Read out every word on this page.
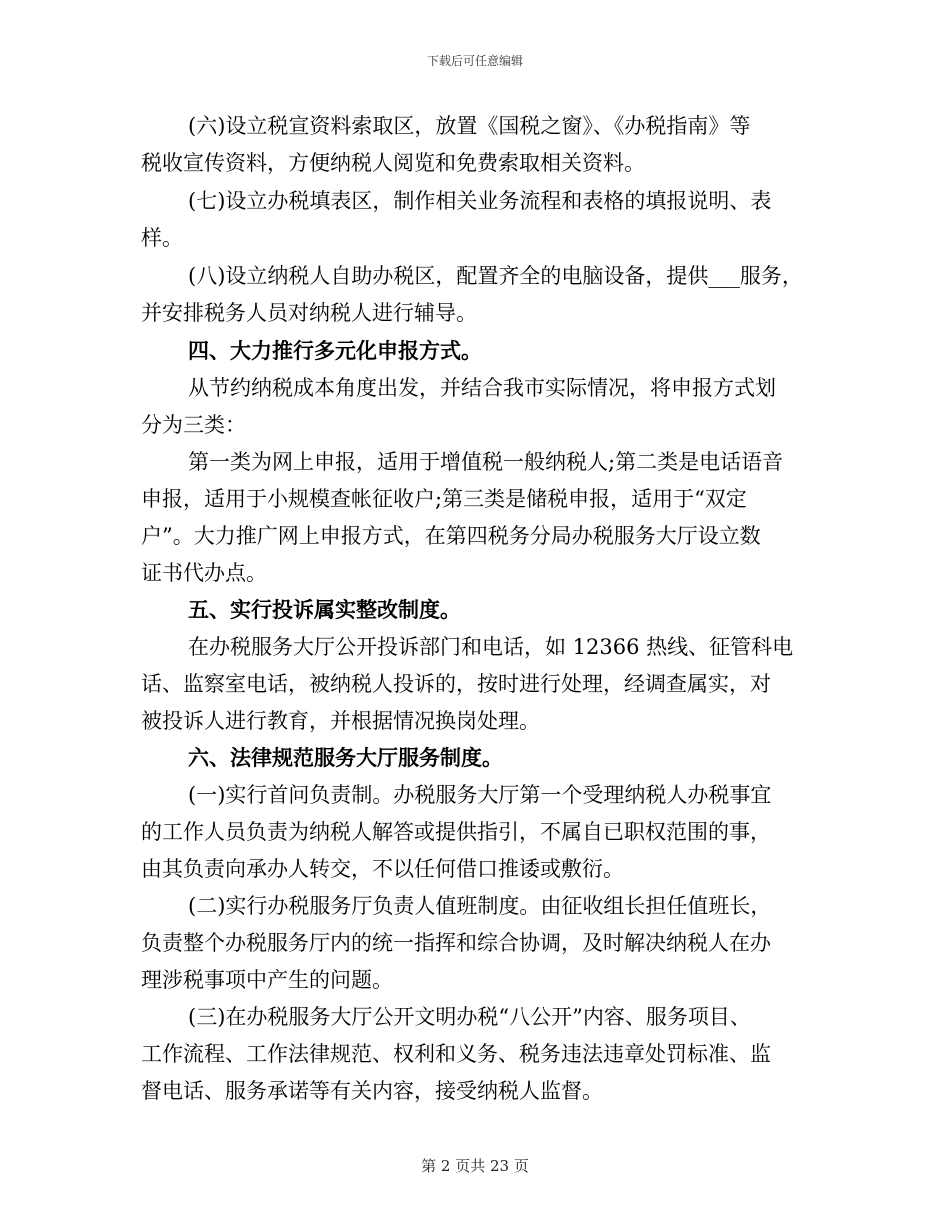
下载后可任意编辑
(六)设立税宣资料索取区，放置《国税之窗》、《办税指南》等
税收宣传资料，方便纳税人阅览和免费索取相关资料。
(七)设立办税填表区，制作相关业务流程和表格的填报说明、表
样。
(八)设立纳税人自助办税区，配置齐全的电脑设备，提供___服务，
并安排税务人员对纳税人进行辅导。
四、大力推行多元化申报方式。
从节约纳税成本角度出发，并结合我市实际情况，将申报方式划
分为三类：
第一类为网上申报，适用于增值税一般纳税人;第二类是电话语音
申报，适用于小规模查帐征收户;第三类是储税申报，适用于“双定
户”。大力推广网上申报方式，在第四税务分局办税服务大厅设立数
证书代办点。
五、实行投诉属实整改制度。
在办税服务大厅公开投诉部门和电话，如 12366 热线、征管科电
话、监察室电话，被纳税人投诉的，按时进行处理，经调查属实，对
被投诉人进行教育，并根据情况换岗处理。
六、法律规范服务大厅服务制度。
(一)实行首问负责制。办税服务大厅第一个受理纳税人办税事宜
的工作人员负责为纳税人解答或提供指引，不属自已职权范围的事，
由其负责向承办人转交，不以任何借口推诿或敷衍。
(二)实行办税服务厅负责人值班制度。由征收组长担任值班长，
负责整个办税服务厅内的统一指挥和综合协调，及时解决纳税人在办
理涉税事项中产生的问题。
(三)在办税服务大厅公开文明办税“八公开”内容、服务项目、
工作流程、工作法律规范、权利和义务、税务违法违章处罚标准、监
督电话、服务承诺等有关内容，接受纳税人监督。
第 2 页共 23 页
